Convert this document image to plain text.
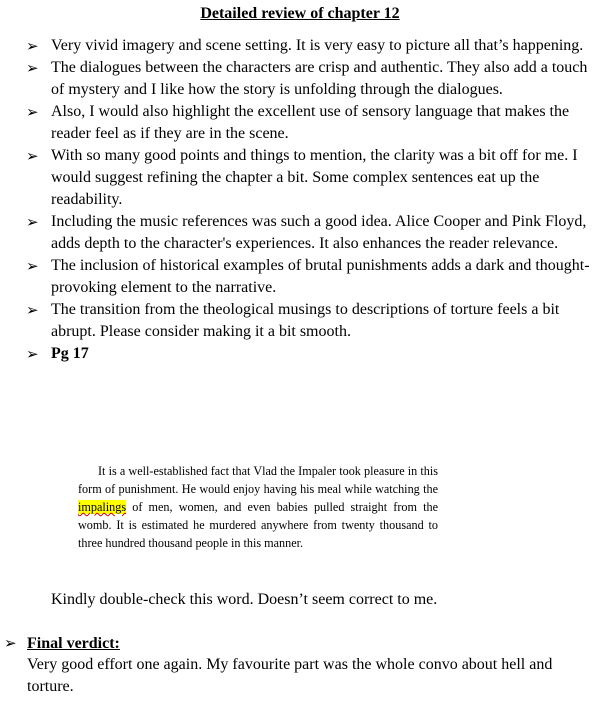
Detailed review of chapter 12
➢ Very vivid imagery and scene setting. It is very easy to picture all that’s happening.
➢ The dialogues between the characters are crisp and authentic. They also add a touch of mystery and I like how the story is unfolding through the dialogues.
➢ Also, I would also highlight the excellent use of sensory language that makes the reader feel as if they are in the scene.
➢ With so many good points and things to mention, the clarity was a bit off for me. I would suggest refining the chapter a bit. Some complex sentences eat up the readability.
➢ Including the music references was such a good idea. Alice Cooper and Pink Floyd, adds depth to the character's experiences. It also enhances the reader relevance.
➢ The inclusion of historical examples of brutal punishments adds a dark and thought-provoking element to the narrative.
➢ The transition from the theological musings to descriptions of torture feels a bit abrupt. Please consider making it a bit smooth.
➢ Pg 17

It is a well-established fact that Vlad the Impaler took pleasure in this form of punishment. He would enjoy having his meal while watching the impalings of men, women, and even babies pulled straight from the womb. It is estimated he murdered anywhere from twenty thousand to three hundred thousand people in this manner.

Kindly double-check this word. Doesn’t seem correct to me.

➢ Final verdict:

Very good effort one again. My favourite part was the whole convo about hell and torture.
